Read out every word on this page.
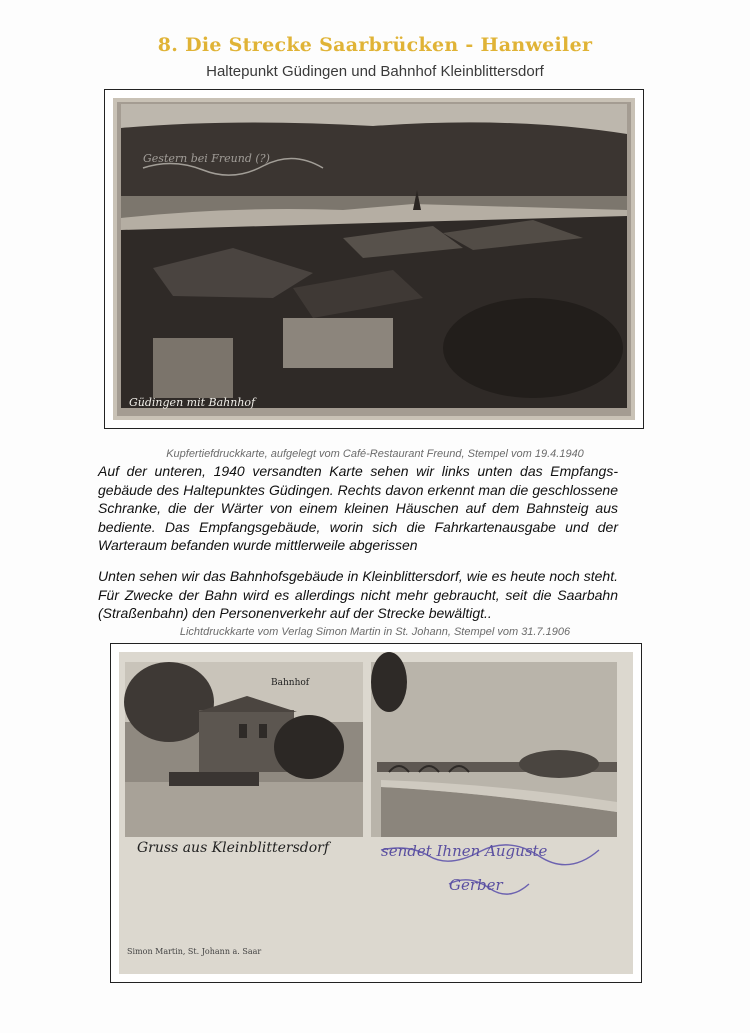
8. Die Strecke Saarbrücken - Hanweiler
Haltepunkt Güdingen und Bahnhof Kleinblittersdorf
Güdingen mit Bahnhof
Gestern bei Freund (?)
Kupfertiefdruckkarte, aufgelegt vom Café-Restaurant Freund, Stempel vom 19.4.1940

Auf der unteren, 1940 versandten Karte sehen wir links unten das Empfangsgebäude des Haltepunktes Güdingen. Rechts davon erkennt man die geschlossene Schranke, die der Wärter von einem kleinen Häuschen auf dem Bahnsteig aus bediente. Das Empfangsgebäude, worin sich die Fahrkartenausgabe und der Warteraum befanden wurde mittlerweile abgerissen

Unten sehen wir das Bahnhofsgebäude in Kleinblittersdorf, wie es heute noch steht. Für Zwecke der Bahn wird es allerdings nicht mehr gebraucht, seit die Saarbahn (Straßenbahn) den Personenverkehr auf der Strecke bewältigt..

Lichtdruckkarte vom Verlag Simon Martin in St. Johann, Stempel vom 31.7.1906
Bahnhof
Gruss aus Kleinblittersdorf
Simon Martin, St. Johann a. Saar
sendet Ihnen Auguste
Gerber
